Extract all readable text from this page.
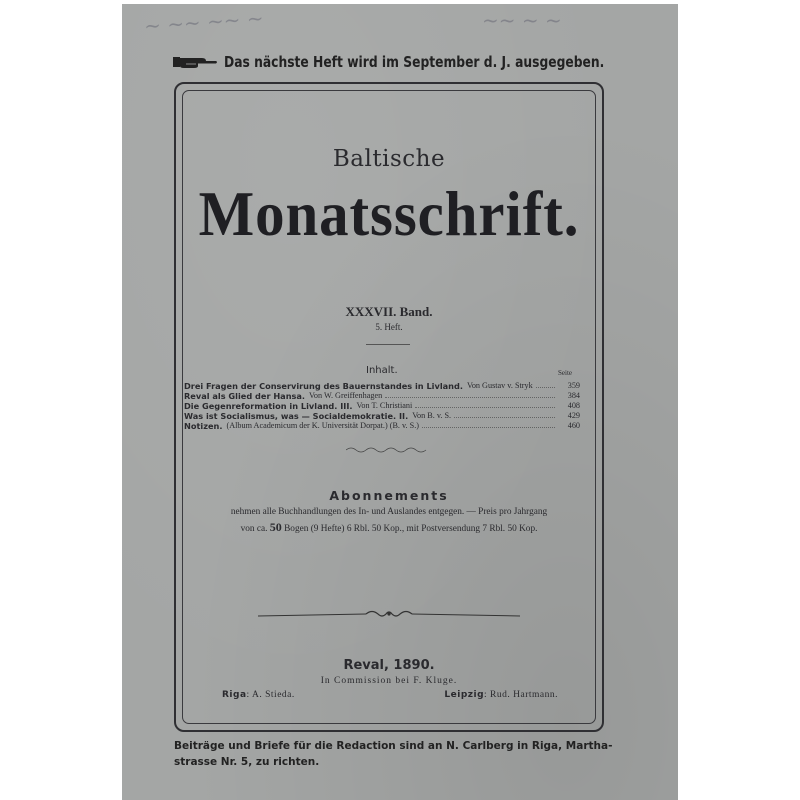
~ ~~ ~~ ~	~~ ~ ~
Das nächste Heft wird im September d. J. ausgegeben.
Baltische
Monatsschrift.
XXXVII. Band.
5. Heft.
Inhalt.	Seite
Drei Fragen der Conservirung des Bauernstandes in Livland. Von Gustav v. Stryk	359
Reval als Glied der Hansa. Von W. Greiffenhagen	384
Die Gegenreformation in Livland. III. Von T. Christiani	408
Was ist Socialismus, was — Socialdemokratie. II. Von B. v. S.	429
Notizen. (Album Academicum der K. Universität Dorpat.) (B. v. S.)	460
Abonnements
nehmen alle Buchhandlungen des In- und Auslandes entgegen. — Preis pro Jahrgang
von ca. 50 Bogen (9 Hefte) 6 Rbl. 50 Kop., mit Postversendung 7 Rbl. 50 Kop.
Reval, 1890.
In Commission bei F. Kluge.
Riga: A. Stieda.	Leipzig: Rud. Hartmann.
Beiträge und Briefe für die Redaction sind an N. Carlberg in Riga, Martha-
strasse Nr. 5, zu richten.
